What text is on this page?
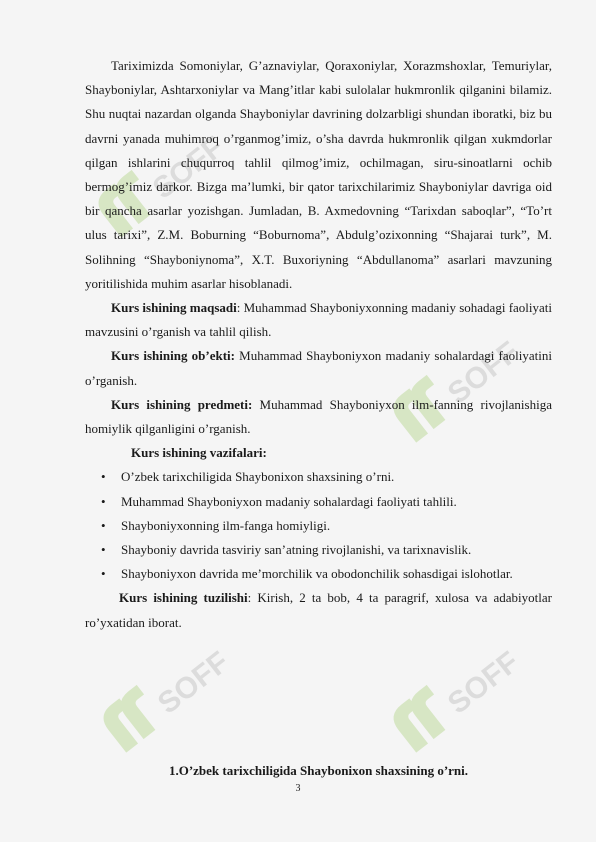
SOFF
SOFF
SOFF	SOFF

Tariximizda Somoniylar, G’aznaviylar, Qoraxoniylar, Xorazmshoxlar, Temuriylar, Shayboniylar, Ashtarxoniylar va Mang’itlar kabi sulolalar hukmronlik qilganini bilamiz. Shu nuqtai nazardan olganda Shayboniylar davrining dolzarbligi shundan iboratki, biz bu davrni yanada muhimroq o’rganmog’imiz, o’sha davrda hukmronlik qilgan xukmdorlar qilgan ishlarini chuqurroq tahlil qilmog’imiz, ochilmagan, siru-sinoatlarni ochib bermog’imiz darkor. Bizga ma’lumki, bir qator tarixchilarimiz Shayboniylar davriga oid bir qancha asarlar yozishgan. Jumladan, B. Axmedovning “Tarixdan saboqlar”, “To’rt ulus tarixi”, Z.M. Boburning “Boburnoma”, Abdulg’ozixonning “Shajarai turk”, M. Solihning “Shayboniynoma”, X.T. Buxoriyning “Abdullanoma” asarlari mavzuning yoritilishida muhim asarlar hisoblanadi.

Kurs ishining maqsadi: Muhammad Shayboniyxonning madaniy sohadagi faoliyati mavzusini o’rganish va tahlil qilish.

Kurs ishining ob’ekti: Muhammad Shayboniyxon madaniy sohalardagi faoliyatini o’rganish.

Kurs ishining predmeti: Muhammad Shayboniyxon ilm-fanning rivojlanishiga homiylik qilganligini o’rganish.

Kurs ishining vazifalari:

• O’zbek tarixchiligida Shaybonixon shaxsining o’rni.
• Muhammad Shayboniyxon madaniy sohalardagi faoliyati tahlili.
• Shayboniyxonning ilm-fanga homiyligi.
• Shayboniy davrida tasviriy san’atning rivojlanishi, va tarixnavislik.
• Shayboniyxon davrida me’morchilik va obodonchilik sohasdigai islohotlar.

Kurs ishining tuzilishi: Kirish, 2 ta bob, 4 ta paragrif, xulosa va adabiyotlar ro’yxatidan iborat.

1.O’zbek tarixchiligida Shaybonixon shaxsining o’rni.
3
